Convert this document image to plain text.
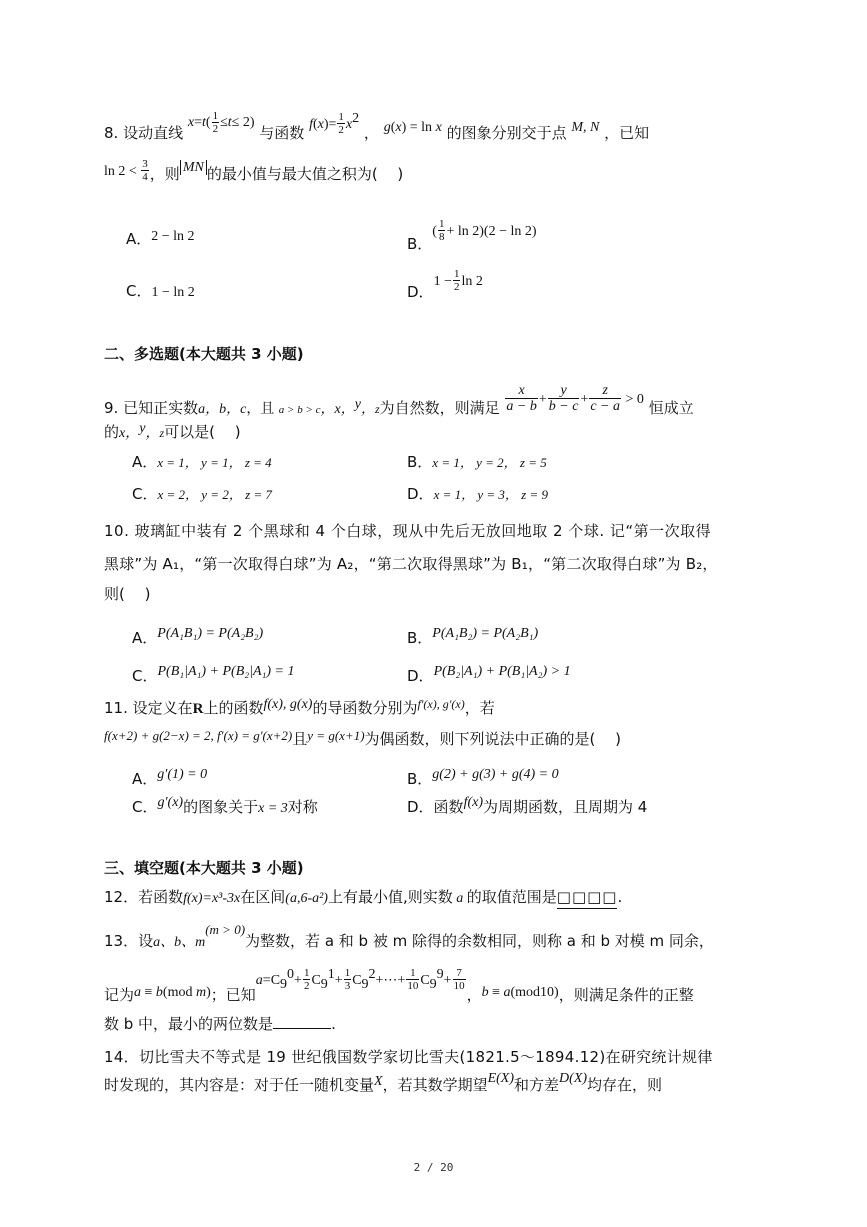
8. 设动直线 $x=t( \frac{1}{2} \le t\le 2)$ 与函数 $f(x)= \frac{1}{2} x^2$ ， g(x) = ln x 的图象分别交于点 M, N ，已知
$\ln 2 < \frac{3}{4}$ ，则 MN 的最小值与最大值之积为(　 )
A．2 − ln 2	B．( $\frac{1}{8} + \ln 2)(2 - \ln 2)$
C．1 − ln 2	D．$1 - \frac{1}{2}$ ln 2
二、多选题(本大题共 3 小题)
9. 已知正实数a，b，c，且 a > b > c，x，y，z为自然数，则满足 $\frac{x}{a - b} + \frac{y}{b - c} + \frac{z}{c - a} > 0$ 恒成立
的x，y，z可以是(　 )
A．x = 1， y = 1， z = 4	B．x = 1， y = 2， z = 5
C．x = 2， y = 2， z = 7	D．x = 1， y = 3， z = 9
10. 玻璃缸中装有 2 个黑球和 4 个白球，现从中先后无放回地取 2 个球. 记“第一次取得
黑球”为 A₁，“第一次取得白球”为 A₂，“第二次取得黑球”为 B₁，“第二次取得白球”为 B₂，
则(　 )
A．P(A₁B₁) = P(A₂B₂)	B．P(A₁B₂) = P(A₂B₁)
C．P(B₁|A₁) + P(B₂|A₁) = 1	D．P(B₂|A₁) + P(B₁|A₂) > 1
11. 设定义在R上的函数f(x), g(x)的导函数分别为$^{f'(x), g'(x)}$，若
f(x+2) + g(2−x) = 2, f′(x) = g′(x+2)且y = g(x+1)为偶函数，则下列说法中正确的是(　 )
A．g′(1) = 0	B．g(2) + g(3) + g(4) = 0
C．g′(x)的图象关于x = 3对称	D．函数f(x)为周期函数，且周期为 4
三、填空题(本大题共 3 小题)
12．若函数f(x)=x³-3x在区间(a,6-a²)上有最小值,则实数 a 的取值范围是□□□□.
13．设a、b、m(m > 0)为整数，若 a 和 b 被 m 除得的余数相同，则称 a 和 b 对模 m 同余，
记为a ≡ b(mod m)；已知$a=C_9^0+ \frac{1}{2} C_9^1+ \frac{1}{3}$ $C_9^2+\cdots+ \frac{1}{10} C_9^9+ \frac{7}{10}$
，b ≡ a(mod10)，则满足条件的正整
数 b 中，最小的两位数是	.
14．切比雪夫不等式是 19 世纪俄国数学家切比雪夫(1821.5～1894.12)在研究统计规律
时发现的，其内容是：对于任一随机变量X，若其数学期望E(X)和方差D(X)均存在，则
2 / 20
